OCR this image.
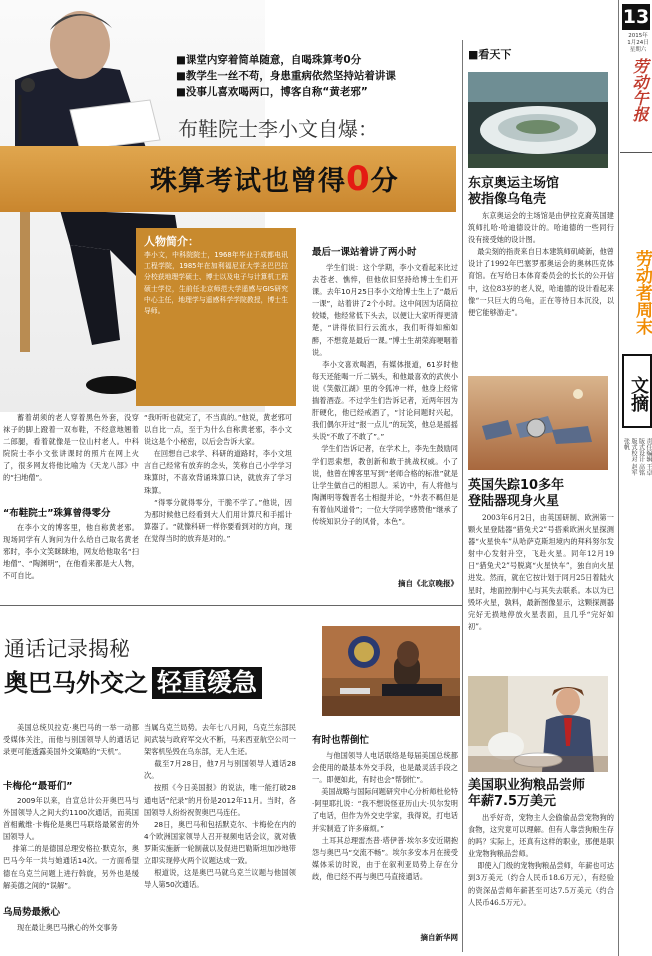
13
2015年
1月24日
星期六
劳动午报
劳动者周末
文摘
责任编辑 王卓
版式设计 高铭
版式校对 赵军
张帆
■课堂内穿着简单随意，自喝珠算考0分
■教学生一丝不苟，身患重病依然坚持站着讲课
■没事儿喜欢喝两口，博客自称“黄老邪”
布鞋院士李小文自爆：
珠算考试也曾得0分
人物简介：
李小文，中科院院士，1968年毕业于成都电讯工程学院，1985年在加利福尼亚大学圣巴巴拉分校获地理学硕士、博士以及电子与计算机工程硕士学位，生前任北京师范大学遥感与GIS研究中心主任，地理学与遥感科学学院教授，博士生导师。
蓄着胡须的老人穿着黑色外套，没穿袜子的脚上蹬着一双布鞋，不经意地翘着二郎腿，看着就像是一位山村老人。中科院院士李小文张讲课时的照片在网上火了，很多网友将他比喻为《天龙八部》中的“扫地僧”。
“布鞋院士”珠算曾得零分
在李小文的博客里，他自称黄老邪。现场同学有人询问为什么给自己取名黄老邪时，李小文笑眯眯地，网友给他取名“扫地僧”、“陶渊明”，在他看来都是大人物，不可自比。
“我听听也就完了，不当真的。”他说，黄老邪可以自比一点，至于为什么自称黄老邪，李小文说这是个小秘密，以后会告诉大家。
在回想自己求学、科研的道路时，李小文坦言自己经常有放弃的念头，笑称自己小学学习珠算时，不喜欢背诵珠算口诀，就放弃了学习珠算。
“得零分就得零分，干脆不学了。”他说，因为那时候他已经看到大人们用计算尺和手摇计算器了。“就像科研一样你要看到对的方向，现在觉得当时的放弃是对的。”
最后一课站着讲了两小时
学生们说：这个学期，李小文看起来比过去苍老、憔悴，但他依旧坚持给博士生们开课。去年10月25日李小文给博士生上了“最后一课”，站着讲了2个小时。这中间因为话筒拉较矮，他经常低下头去，以便让大家听得更清楚，“讲得依旧行云流水，我们听得如痴如醉，不想竟是最后一课。”博士生胡荣海哽咽着说。
李小文喜欢喝酒，有媒体报道，61岁时他每天还能喝一斤二锅头，和他最喜欢的武侠小说《笑傲江湖》里的令狐冲一样，他身上经常揣着酒壶。不过学生们告诉记者，近两年因为肝硬化，他已经戒酒了，“讨论问题时兴起，我们偶尔开过“报一点儿”的玩笑，他总是摇摇头说“不敢了不敢了”。”
学生们告诉记者，在学术上，李先生鼓励同学们思索想，教创新和敢于挑战权威。小了说，他曾在博客里写到“老师合格的标准”就是让学生做自己的相思人。采访中，有人将他与陶渊明等魏晋名士相提并论，“外表不羁但是有着仙风道骨”；一位大学同学感赞他“继承了传统知识分子的风骨，本色”。
摘自《北京晚报》
通话记录揭秘
奥巴马外交之 轻重缓急
美国总统贝拉克·奥巴马的一举一动都受媒体关注，而他与别国领导人的通话记录更可能透露美国外交策略的“天机”。
卡梅伦“最哥们”
2009年以来，自宣总计公开奥巴马与外国领导人之间大约1100次通话，而英国首相戴维·卡梅伦是奥巴马联络最紧密的外国领导人。
排第二的是德国总理安格拉·默克尔，奥巴马今年一共与她通话14次。一方面希望德在乌克兰问题上进行斡旋，另外也是缓解美德之间的“误解”。
乌局势最揪心
现在最让奥巴马揪心的外交事务
当属乌克兰局势。去年七八月间，乌克兰东部民间武装与政府军交火不断，马来西亚航空公司一架客机坠毁在乌东部，无人生还。
截至7月28日，他7月与别国领导人通话28次。
按照《今日美国报》的说法，唯一能打破28通电话“纪录”的月份是2012年11月。当时，各国领导人纷纷祝贺奥巴马连任。
28日，奥巴马和包括默克尔、卡梅伦在内的4个欧洲国家领导人召开视频电话会议，就对俄罗斯实施新一轮制裁以及促进巴勒斯坦加沙地带立即实现停火两个议题达成一致。
根道说，这是奥巴马就乌克兰议题与他国领导人第50次通话。
有时也帮倒忙
与他国领导人电话联络是每届美国总统都会使用的最基本外交手段，也是最灵活手段之一。即便如此，有时也会“帮倒忙”。
美国战略与国际问题研究中心分析师杜伦特·阿里耶扎说：“我不想说怪亚历山大·贝尔发明了电话，但作为外交史学家，我得说，打电话并实制造了许多麻烦。”
土耳其总理雷杰普·塔伊普·埃尔多安近期抱怨与奥巴马“交流不畅”。埃尔多安本月在接受媒体采访时说，由于在叙利亚局势上存在分歧，他已经不再与奥巴马直接通话。
摘自新华网
■看天下
东京奥运主场馆
被指像乌龟壳
东京奥运会的主场馆是由伊拉克裔英国建筑师扎哈·哈迪德设计的。哈迪德的一些同行没有接受她的设计图。
最尖刻的指责来自日本建筑师矶崎新，他曾设计了1992年巴塞罗那奥运会的奥林匹克体育馆。在写给日本体育委员会的长长的公开信中，这位83岁的老人说，哈迪德的设计看起来像“一只巨大的乌龟，正在等待日本沉没，以便它能够游走”。
英国失踪10多年
登陆器现身火星
2003年6月2日，由英国研制、欧洲第一颗火星登陆器“猎兔犬2”号搭乘欧洲火星探测器“火星快车”从哈萨克斯坦境内的拜科努尔发射中心发射升空，飞赴火星。同年12月19日“猎兔犬2”号脱离“火星快车”，独自向火星进发。然而，就在它按计划于同月25日着陆火星时，地面控制中心与其失去联系。本以为已毁坏火星，孰料，最新图像显示，这颗探测器完好无损地停放火星表面，且几乎“完好如初”。
美国职业狗粮品尝师
年薪7.5万美元
出乎好奇，宠物主人会偷偷品尝宠物狗的食物，这究竟可以理解。但有人靠尝狗粮生存的吗？实际上，还真有这样的职业，那便是职业宠物狗粮品尝师。
即使入门级的宠物狗粮品尝师，年薪也可达到3万美元（约合人民币18.6万元），有经验的资深品尝师年薪甚至可达7.5万美元（约合人民币46.5万元）。
